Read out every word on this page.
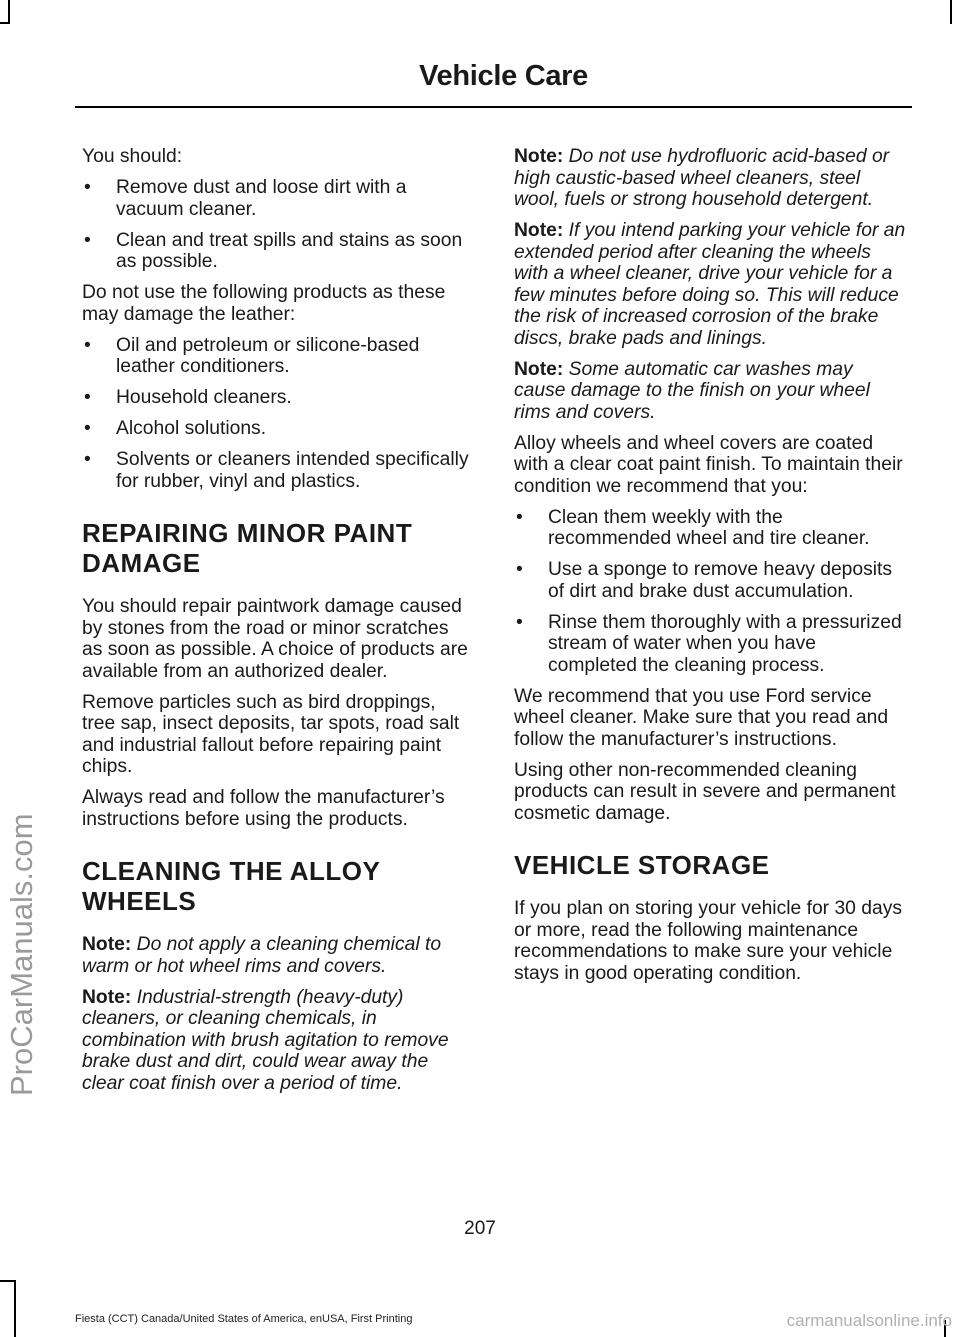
Vehicle Care
ProCarManuals.com

You should:

• Remove dust and loose dirt with a vacuum cleaner.
• Clean and treat spills and stains as soon as possible.

Do not use the following products as these may damage the leather:

• Oil and petroleum or silicone-based leather conditioners.
• Household cleaners.
• Alcohol solutions.
• Solvents or cleaners intended specifically for rubber, vinyl and plastics.
REPAIRING MINOR PAINT
DAMAGE

You should repair paintwork damage caused by stones from the road or minor scratches as soon as possible. A choice of products are available from an authorized dealer.

Remove particles such as bird droppings, tree sap, insect deposits, tar spots, road salt and industrial fallout before repairing paint chips.

Always read and follow the manufacturer’s instructions before using the products.

CLEANING THE ALLOY
WHEELS

Note: Do not apply a cleaning chemical to warm or hot wheel rims and covers.

Note: Industrial-strength (heavy-duty) cleaners, or cleaning chemicals, in combination with brush agitation to remove brake dust and dirt, could wear away the clear coat finish over a period of time.

Note: Do not use hydrofluoric acid-based or high caustic-based wheel cleaners, steel wool, fuels or strong household detergent.

Note: If you intend parking your vehicle for an extended period after cleaning the wheels with a wheel cleaner, drive your vehicle for a few minutes before doing so. This will reduce the risk of increased corrosion of the brake discs, brake pads and linings.

Note: Some automatic car washes may cause damage to the finish on your wheel rims and covers.

Alloy wheels and wheel covers are coated with a clear coat paint finish. To maintain their condition we recommend that you:

• Clean them weekly with the recommended wheel and tire cleaner.
• Use a sponge to remove heavy deposits of dirt and brake dust accumulation.
• Rinse them thoroughly with a pressurized stream of water when you have completed the cleaning process.

We recommend that you use Ford service wheel cleaner. Make sure that you read and follow the manufacturer’s instructions.

Using other non-recommended cleaning products can result in severe and permanent cosmetic damage.

VEHICLE STORAGE

If you plan on storing your vehicle for 30 days or more, read the following maintenance recommendations to make sure your vehicle stays in good operating condition.

207
Fiesta (CCT) Canada/United States of America, enUSA, First Printing	carmanualsonline.info
